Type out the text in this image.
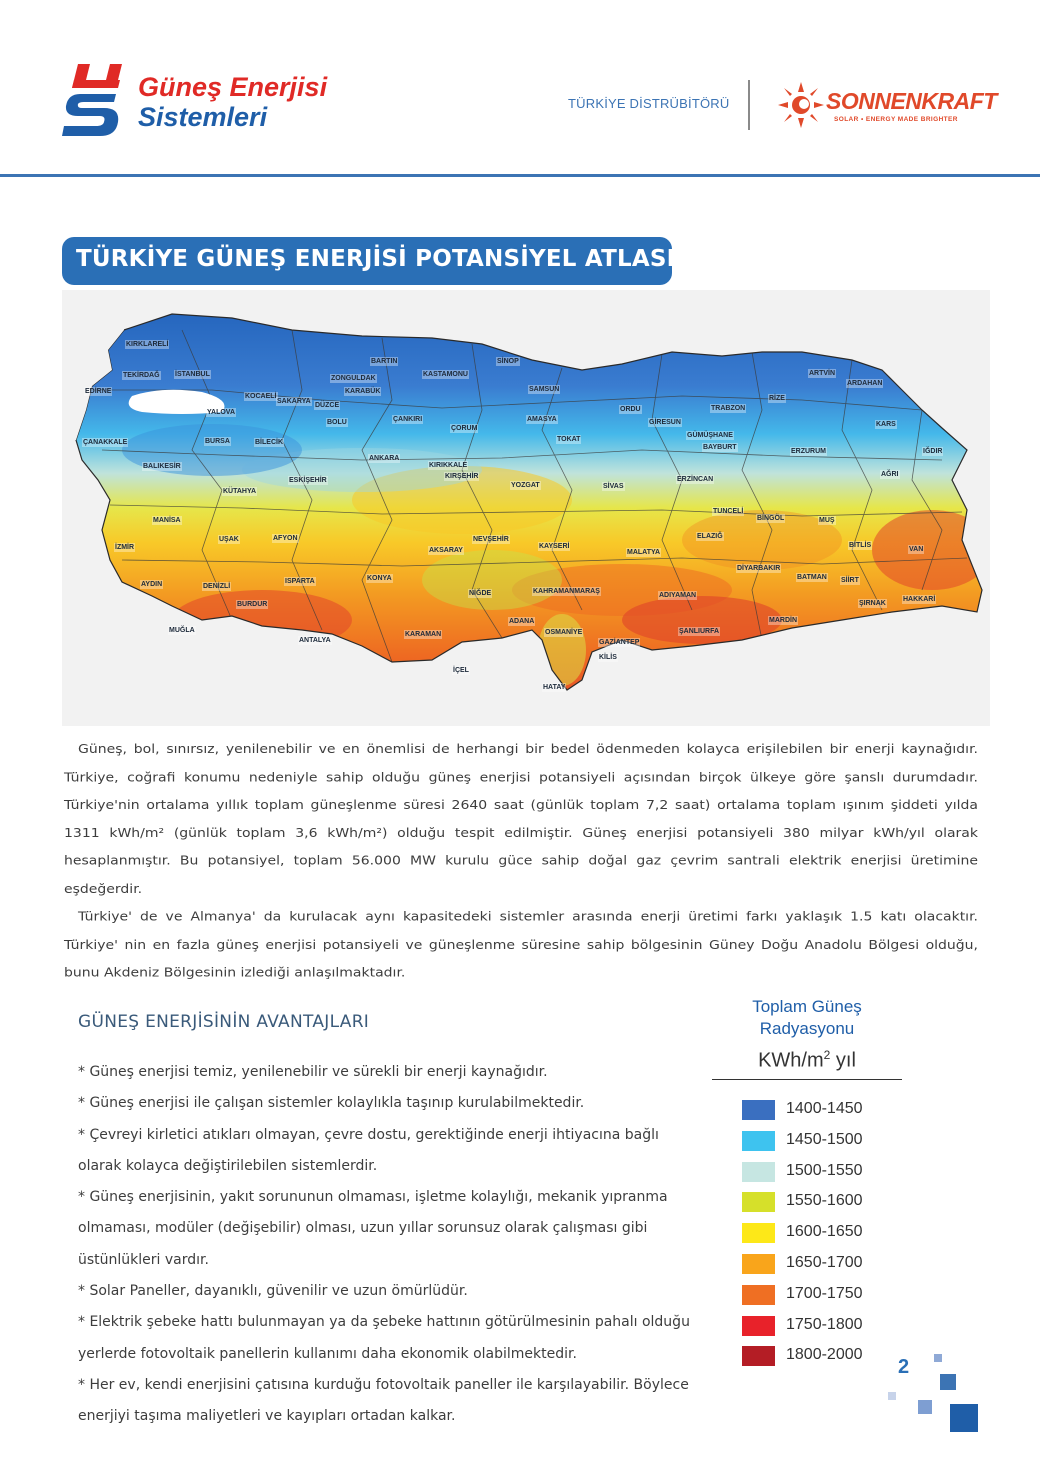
Güneş Enerjisi
Sistemleri	TÜRKİYE DİSTRÜBİTÖRÜ	SONNENKRAFT
SOLAR • ENERGY MADE BRIGHTER
TÜRKİYE GÜNEŞ ENERJİSİ POTANSİYEL ATLASI
KIRKLARELİ
TEKİRDAĞ İSTANBUL
EDİRNE
YALOVA
KOCAELİ
SAKARYA
DÜZCE
BOLU
ZONGULDAK
BARTIN
KARABÜK
KASTAMONU
SİNOP
SAMSUN
ÇANKIRI
ÇORUM
AMASYA
TOKAT
ORDU
GİRESUN
TRABZON
RİZE
ARTVİN
ARDAHAN
KARS
IĞDIR
GÜMÜŞHANE
BAYBURT
ERZURUM
AĞRI
ÇANAKKALE	BURSA	BİLECİK
BALIKESİR
ESKİŞEHİR
ANKARA
KIRIKKALE
KIRŞEHİR
YOZGAT	SİVAS
ERZİNCAN
TUNCELİ
BİNGÖL	MUŞ
BİTLİS
VAN
KÜTAHYA
MANİSA
İZMİR
UŞAK	AFYON
AKSARAY
NEVŞEHİR
KAYSERİ
MALATYA
ELAZIĞ
DİYARBAKIR
BATMAN SİİRT
ŞIRNAK
HAKKARİ
AYDIN	DENİZLİ
ISPARTA	KONYA
NİĞDE	KAHRAMANMARAŞ
ADIYAMAN
MARDİN
MUĞLA
BURDUR
ANTALYA
KARAMAN
ADANA
OSMANİYE
GAZİANTEP
ŞANLIURFA
KİLİS
İÇEL
HATAY

Güneş, bol, sınırsız, yenilenebilir ve en önemlisi de herhangi bir bedel ödenmeden kolayca erişilebilen bir enerji kaynağıdır. Türkiye, coğrafi konumu nedeniyle sahip olduğu güneş enerjisi potansiyeli açısından birçok ülkeye göre şanslı durumdadır. Türkiye'nin ortalama yıllık toplam güneşlenme süresi 2640 saat (günlük toplam 7,2 saat) ortalama toplam ışınım şiddeti yılda 1311 kWh/m² (günlük toplam 3,6 kWh/m²) olduğu tespit edilmiştir. Güneş enerjisi potansiyeli 380 milyar kWh/yıl olarak hesaplanmıştır. Bu potansiyel, toplam 56.000 MW kurulu güce sahip doğal gaz çevrim santrali elektrik enerjisi üretimine eşdeğerdir.

Türkiye' de ve Almanya' da kurulacak aynı kapasitedeki sistemler arasında enerji üretimi farkı yaklaşık 1.5 katı olacaktır. Türkiye' nin en fazla güneş enerjisi potansiyeli ve güneşlenme süresine sahip bölgesinin Güney Doğu Anadolu Bölgesi olduğu, bunu Akdeniz Bölgesinin izlediği anlaşılmaktadır.

GÜNEŞ ENERJİSİNİN AVANTAJLARI

* Güneş enerjisi temiz, yenilenebilir ve sürekli bir enerji kaynağıdır.

* Güneş enerjisi ile çalışan sistemler kolaylıkla taşınıp kurulabilmektedir.

* Çevreyi kirletici atıkları olmayan, çevre dostu, gerektiğinde enerji ihtiyacına bağlı olarak kolayca değiştirilebilen sistemlerdir.

* Güneş enerjisinin, yakıt sorununun olmaması, işletme kolaylığı, mekanik yıpranma olmaması, modüler (değişebilir) olması, uzun yıllar sorunsuz olarak çalışması gibi üstünlükleri vardır.

* Solar Paneller, dayanıklı, güvenilir ve uzun ömürlüdür.

* Elektrik şebeke hattı bulunmayan ya da şebeke hattının götürülmesinin pahalı olduğu yerlerde fotovoltaik panellerin kullanımı daha ekonomik olabilmektedir.

* Her ev, kendi enerjisini çatısına kurduğu fotovoltaik paneller ile karşılayabilir. Böylece enerjiyi taşıma maliyetleri ve kayıpları ortadan kalkar.

Toplam Güneş
Radyasyonu
KWh/$m^2$ yıl
1400-1450
1450-1500
1500-1550
1550-1600
1600-1650
1650-1700
1700-1750
1750-1800
1800-2000
2
